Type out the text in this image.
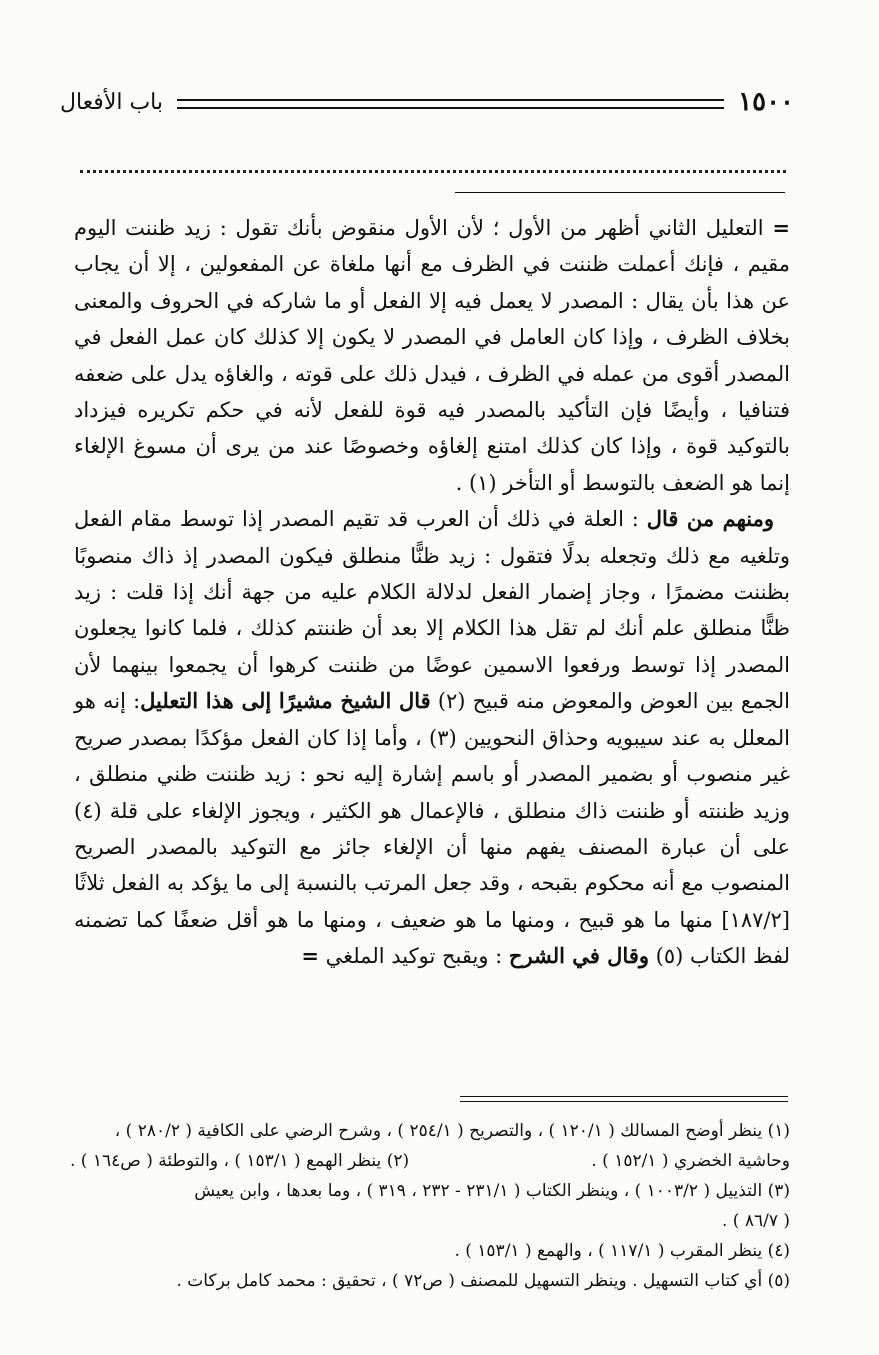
١٥٠٠
باب الأفعال

= التعليل الثاني أظهر من الأول ؛ لأن الأول منقوض بأنك تقول : زيد ظننت اليوم مقيم ، فإنك أعملت ظننت في الظرف مع أنها ملغاة عن المفعولين ، إلا أن يجاب عن هذا بأن يقال : المصدر لا يعمل فيه إلا الفعل أو ما شاركه في الحروف والمعنى بخلاف الظرف ، وإذا كان العامل في المصدر لا يكون إلا كذلك كان عمل الفعل في المصدر أقوى من عمله في الظرف ، فيدل ذلك على قوته ، والغاؤه يدل على ضعفه فتنافيا ، وأيضًا فإن التأكيد بالمصدر فيه قوة للفعل لأنه في حكم تكريره فيزداد بالتوكيد قوة ، وإذا كان كذلك امتنع إلغاؤه وخصوصًا عند من يرى أن مسوغ الإلغاء إنما هو الضعف بالتوسط أو التأخر (١) .

ومنهم من قال : العلة في ذلك أن العرب قد تقيم المصدر إذا توسط مقام الفعل وتلغيه مع ذلك وتجعله بدلًا فتقول : زيد ظنًّا منطلق فيكون المصدر إذ ذاك منصوبًا بظننت مضمرًا ، وجاز إضمار الفعل لدلالة الكلام عليه من جهة أنك إذا قلت : زيد ظنًّا منطلق علم أنك لم تقل هذا الكلام إلا بعد أن ظننتم كذلك ، فلما كانوا يجعلون المصدر إذا توسط ورفعوا الاسمين عوضًا من ظننت كرهوا أن يجمعوا بينهما لأن الجمع بين العوض والمعوض منه قبيح (٢) قال الشيخ مشيرًا إلى هذا التعليل: إنه هو المعلل به عند سيبويه وحذاق النحويين (٣) ، وأما إذا كان الفعل مؤكدًا بمصدر صريح غير منصوب أو بضمير المصدر أو باسم إشارة إليه نحو : زيد ظننت ظني منطلق ، وزيد ظننته أو ظننت ذاك منطلق ، فالإعمال هو الكثير ، ويجوز الإلغاء على قلة (٤) على أن عبارة المصنف يفهم منها أن الإلغاء جائز مع التوكيد بالمصدر الصريح المنصوب مع أنه محكوم بقبحه ، وقد جعل المرتب بالنسبة إلى ما يؤكد به الفعل ثلاثًا [١٨٧/٢] منها ما هو قبيح ، ومنها ما هو ضعيف ، ومنها ما هو أقل ضعفًا كما تضمنه لفظ الكتاب (٥) وقال في الشرح : ويقبح توكيد الملغي =

(١) ينظر أوضح المسالك ( ١٢٠/١ ) ، والتصريح ( ٢٥٤/١ ) ، وشرح الرضي على الكافية ( ٢٨٠/٢ ) ،

وحاشية الخضري ( ١٥٢/١ ) .
(٢) ينظر الهمع ( ١٥٣/١ ) ، والتوطئة ( ص١٦٤ ) .

(٣) التذييل ( ١٠٠٣/٢ ) ، وينظر الكتاب ( ٢٣١/١ - ٢٣٢ ، ٣١٩ ) ، وما بعدها ، وابن يعيش

( ٨٦/٧ ) .

(٤) ينظر المقرب ( ١١٧/١ ) ، والهمع ( ١٥٣/١ ) .

(٥) أي كتاب التسهيل . وينظر التسهيل للمصنف ( ص٧٢ ) ، تحقيق : محمد كامل بركات .
